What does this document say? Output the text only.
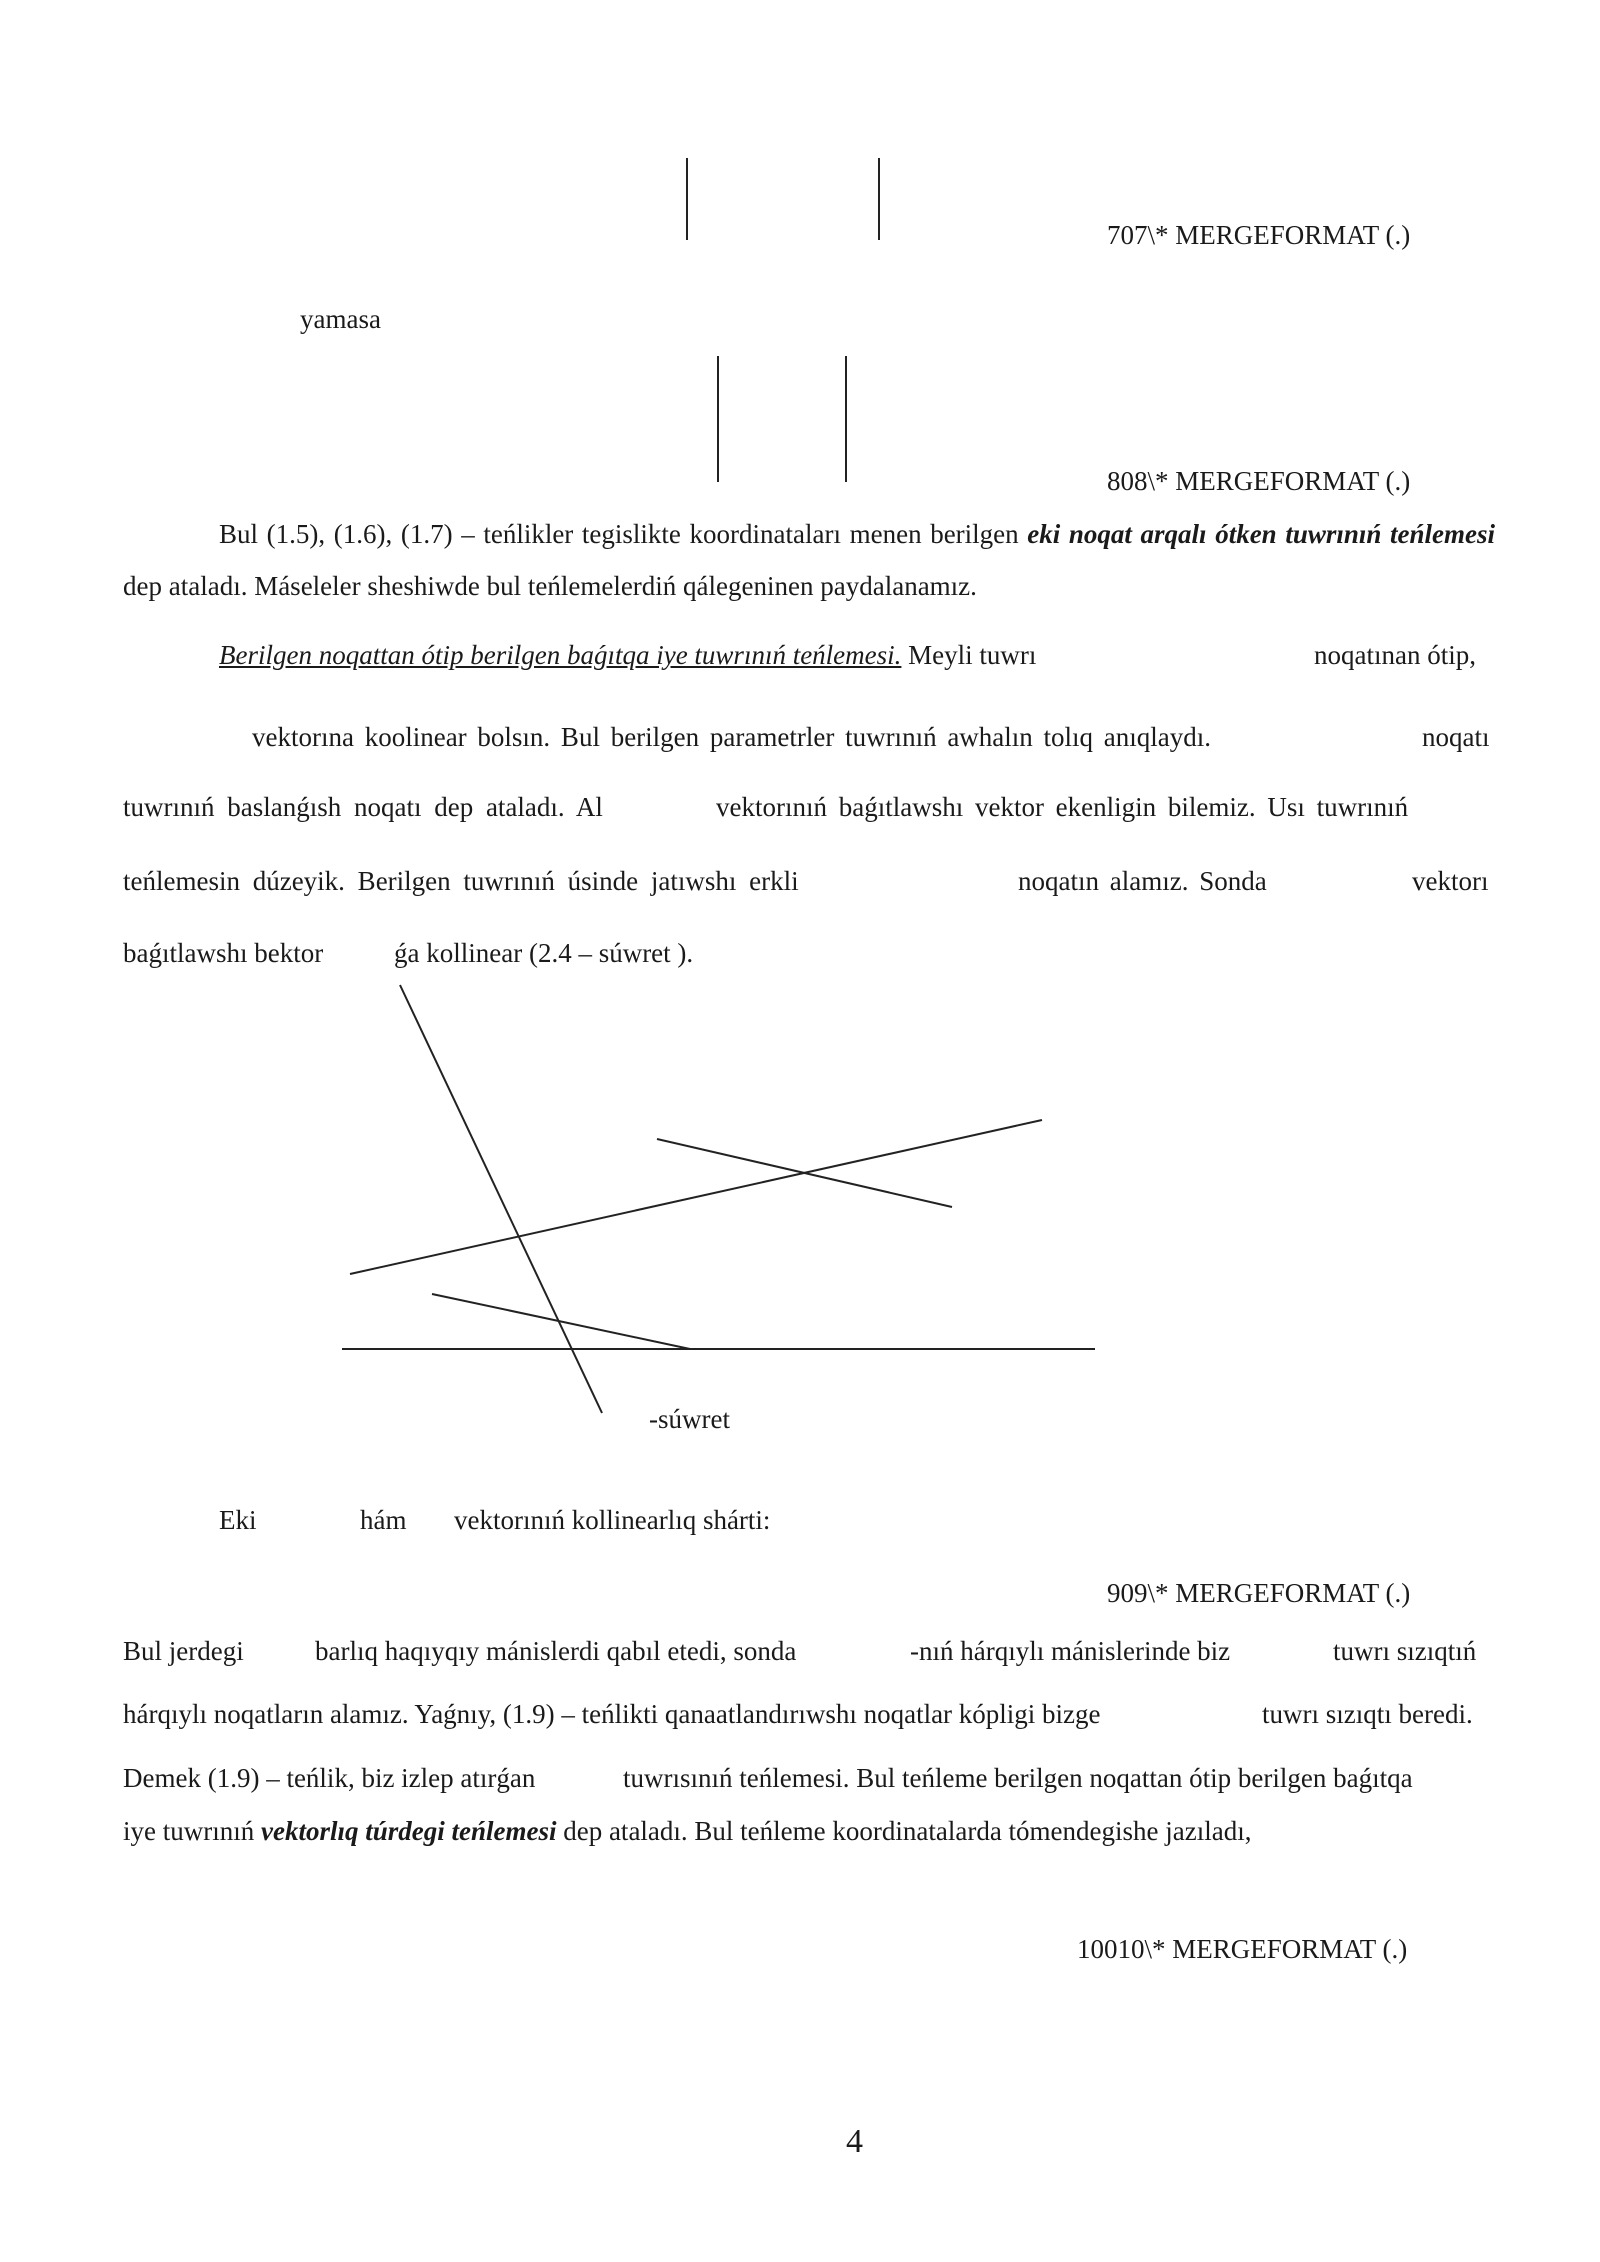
707\* MERGEFORMAT (.)
yamasa
808\* MERGEFORMAT (.)
Bul (1.5), (1.6), (1.7) – teńlikler tegislikte koordinataları menen berilgen eki noqat arqalı ótken tuwrınıń teńlemesi dep ataladı. Máseleler sheshiwde bul teńlemelerdiń qálegeninen paydalanamız.
Berilgen noqattan ótip berilgen baǵıtqa iye tuwrınıń teńlemesi. Meyli tuwrı	noqatınan ótip,
vektorına koolinear bolsın. Bul berilgen parametrler tuwrınıń awhalın tolıq anıqlaydı.	noqatı
tuwrınıń baslanǵısh noqatı dep ataladı. Al	vektorınıń baǵıtlawshı vektor ekenligin bilemiz. Usı tuwrınıń
teńlemesin dúzeyik. Berilgen tuwrınıń úsinde jatıwshı erkli	noqatın alamız. Sonda	vektorı
baǵıtlawshı bektor	ǵa kollinear (2.4 – súwret ).
-súwret
Eki	hám vektorınıń kollinearlıq shárti:
909\* MERGEFORMAT (.)
Bul jerdegi	barlıq haqıyqıy mánislerdi qabıl etedi, sonda	-nıń hárqıylı mánislerinde biz	tuwrı sızıqtıń
hárqıylı noqatların alamız. Yaǵnıy, (1.9) – teńlikti qanaatlandırıwshı noqatlar kópligi bizge	tuwrı sızıqtı beredi.
Demek (1.9) – teńlik, biz izlep atırǵan	tuwrısınıń teńlemesi. Bul teńleme berilgen noqattan ótip berilgen baǵıtqa
iye tuwrınıń vektorlıq túrdegi teńlemesi dep ataladı. Bul teńleme koordinatalarda tómendegishe jazıladı,
10010\* MERGEFORMAT (.)
4
